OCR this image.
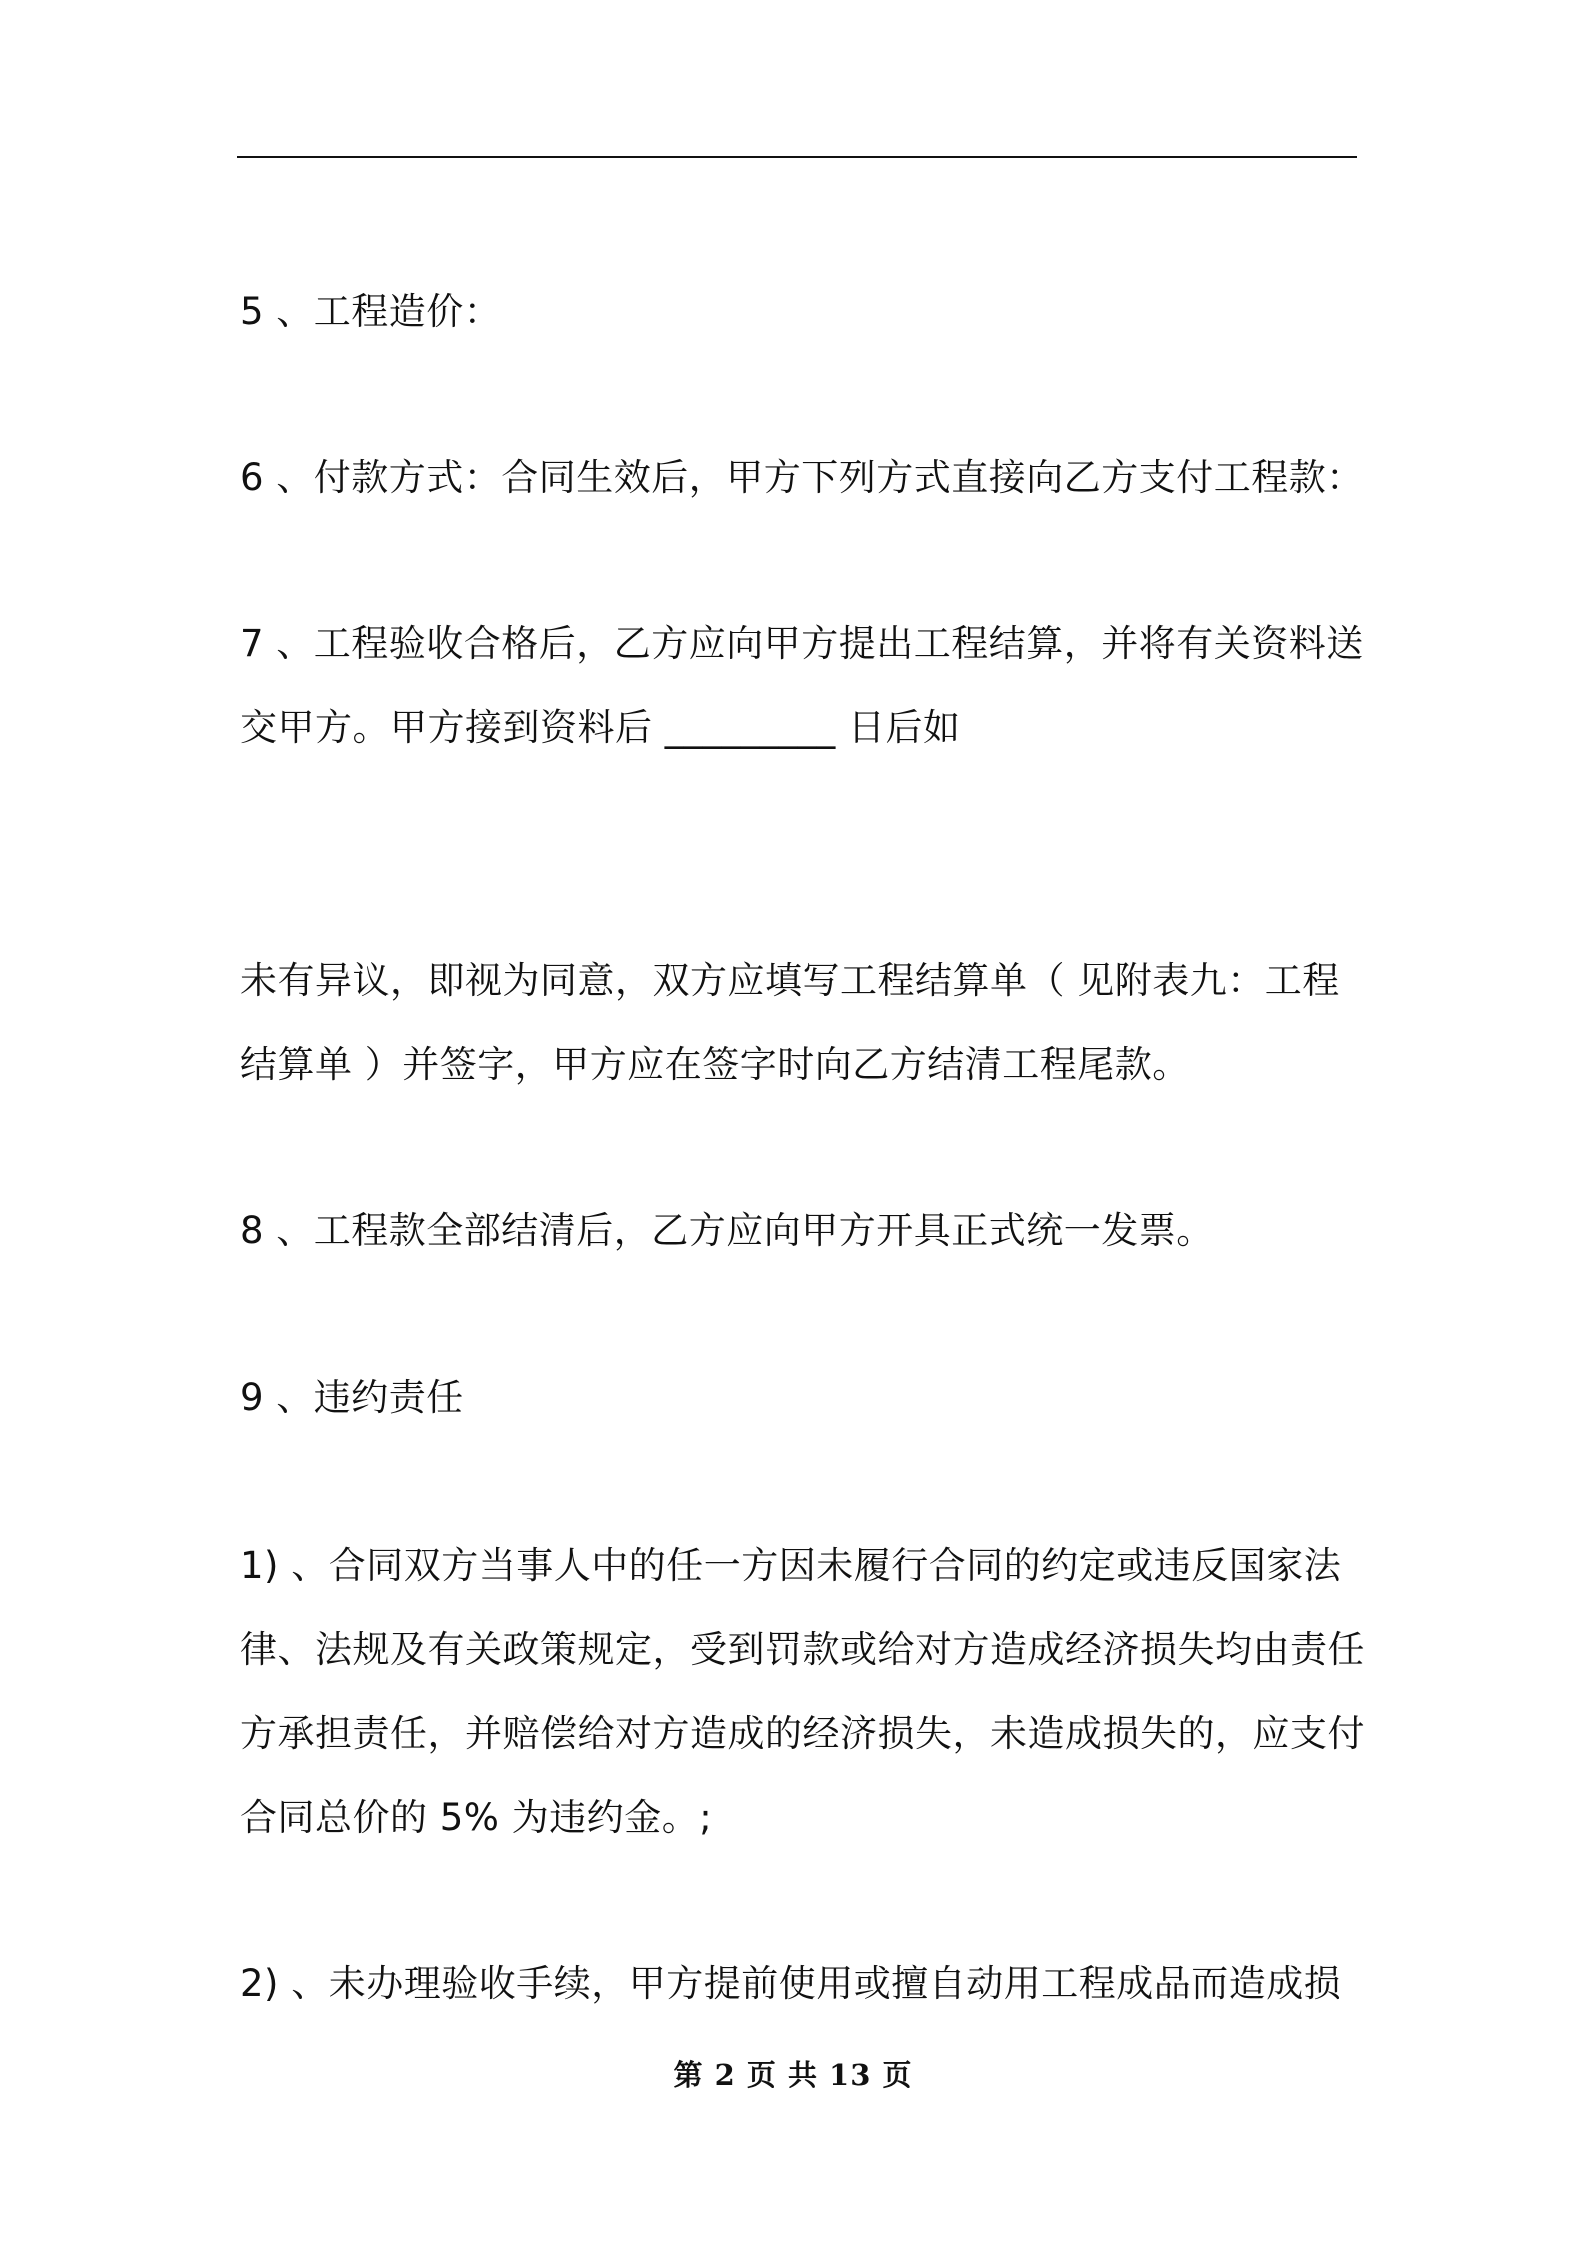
5 、工程造价：
6 、付款方式：合同生效后，甲方下列方式直接向乙方支付工程款：
7 、工程验收合格后，乙方应向甲方提出工程结算，并将有关资料送
交甲方。甲方接到资料后 _________ 日后如
未有异议，即视为同意，双方应填写工程结算单（ 见附表九：工程
结算单 ）并签字，甲方应在签字时向乙方结清工程尾款。
8 、工程款全部结清后，乙方应向甲方开具正式统一发票。
9 、违约责任
1) 、合同双方当事人中的任一方因未履行合同的约定或违反国家法
律、法规及有关政策规定，受到罚款或给对方造成经济损失均由责任
方承担责任，并赔偿给对方造成的经济损失，未造成损失的，应支付
合同总价的 5% 为违约金。;
2) 、未办理验收手续，甲方提前使用或擅自动用工程成品而造成损
第 2 页 共 13 页
